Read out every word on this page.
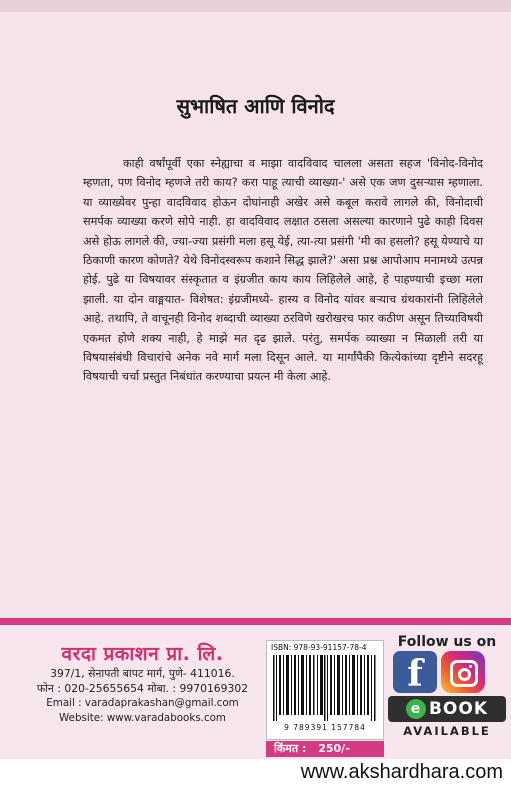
सुभाषित आणि विनोद

काही वर्षांपूर्वी एका स्नेह्याचा व माझा वादविवाद चालला असता सहज 'विनोद-विनोद म्हणता, पण विनोद म्हणजे तरी काय? करा पाहू त्याची व्याख्या-' असे एक जण दुसऱ्यास म्हणाला. या व्याख्येवर पुन्हा वादविवाद होऊन दोघांनाही अखेर असे कबूल करावे लागले की, विनोदाची समर्पक व्याख्या करणे सोपे नाही. हा वादविवाद लक्षात ठसला असल्या कारणाने पुढे काही दिवस असे होऊ लागले की, ज्या-ज्या प्रसंगी मला हसू येई, त्या-त्या प्रसंगी 'मी का हसलो? हसू येण्याचे या ठिकाणी कारण कोणते? येथे विनोदस्वरूप कशाने सिद्ध झाले?' असा प्रश्न आपोआप मनामध्ये उत्पन्न होई. पुढे या विषयावर संस्कृतात व इंग्रजीत काय काय लिहिलेले आहे, हे पाहण्याची इच्छा मला झाली. या दोन वाङ्मयात- विशेषत: इंग्रजीमध्ये- हास्य व विनोद यांवर बऱ्याच ग्रंथकारांनी लिहिलेले आहे. तथापि, ते वाचूनही विनोद शब्दाची व्याख्या ठरविणे खरोखरच फार कठीण असून तिच्याविषयी एकमत होणे शक्य नाही, हे माझे मत दृढ झाले. परंतु, समर्पक व्याख्या न मिळाली तरी या विषयासंबंधी विचारांचे अनेक नवे मार्ग मला दिसून आले. या मार्गांपैकी कित्येकांच्या दृष्टीने सदरहू विषयाची चर्चा प्रस्तुत निबंधांत करण्याचा प्रयत्न मी केला आहे.

वरदा प्रकाशन प्रा. लि.
397/1, सेनापती बापट मार्ग, पुणे- 411016.
फोन : 020-25655654 मोबा. : 9970169302
Email : varadaprakashan@gmail.com
Website: www.varadabooks.com
ISBN: 978-93-91157-78-4
9 789391 157784
किंमत : 250/-
Follow us on
f
e BOOK
AVAILABLE
www.akshardhara.com
